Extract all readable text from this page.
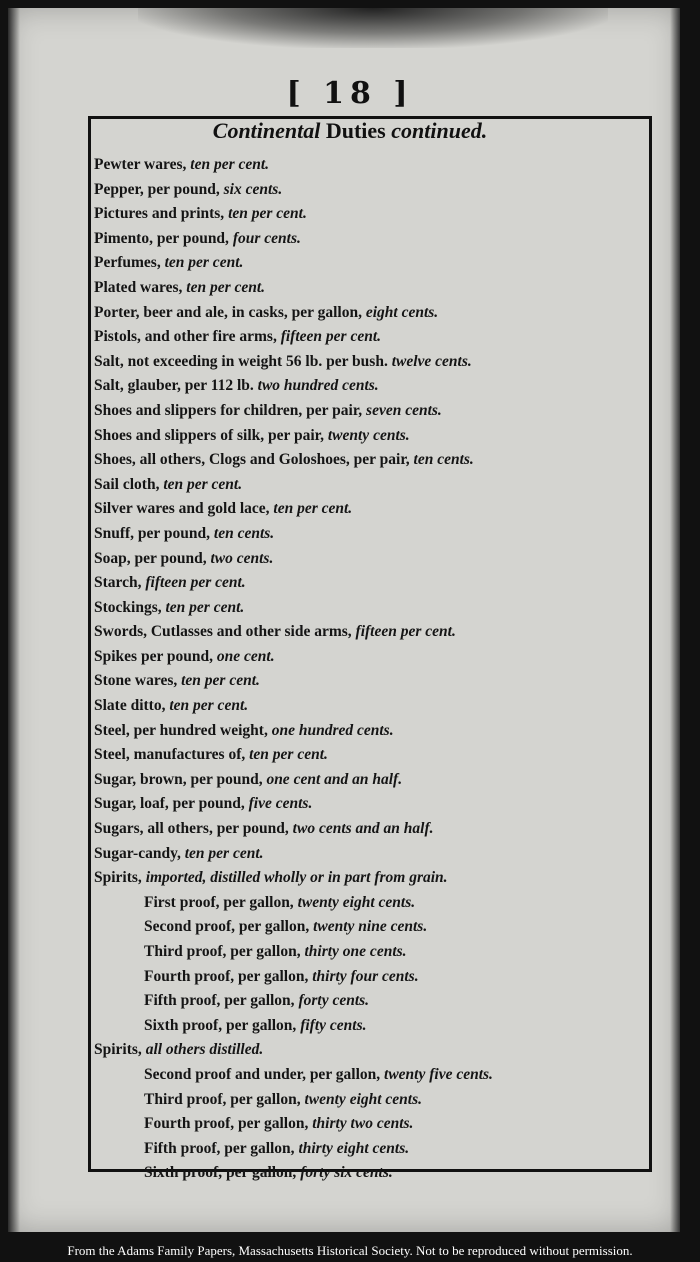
[ 18 ]
Continental Duties continued.
Pewter wares, ten per cent.
Pepper, per pound, six cents.
Pictures and prints, ten per cent.
Pimento, per pound, four cents.
Perfumes, ten per cent.
Plated wares, ten per cent.
Porter, beer and ale, in casks, per gallon, eight cents.
Pistols, and other fire arms, fifteen per cent.
Salt, not exceeding in weight 56 lb. per bush. twelve cents.
Salt, glauber, per 112 lb. two hundred cents.
Shoes and slippers for children, per pair, seven cents.
Shoes and slippers of silk, per pair, twenty cents.
Shoes, all others, Clogs and Goloshoes, per pair, ten cents.
Sail cloth, ten per cent.
Silver wares and gold lace, ten per cent.
Snuff, per pound, ten cents.
Soap, per pound, two cents.
Starch, fifteen per cent.
Stockings, ten per cent.
Swords, Cutlasses and other side arms, fifteen per cent.
Spikes per pound, one cent.
Stone wares, ten per cent.
Slate ditto, ten per cent.
Steel, per hundred weight, one hundred cents.
Steel, manufactures of, ten per cent.
Sugar, brown, per pound, one cent and an half.
Sugar, loaf, per pound, five cents.
Sugars, all others, per pound, two cents and an half.
Sugar-candy, ten per cent.
Spirits, imported, distilled wholly or in part from grain.
First proof, per gallon, twenty eight cents.
Second proof, per gallon, twenty nine cents.
Third proof, per gallon, thirty one cents.
Fourth proof, per gallon, thirty four cents.
Fifth proof, per gallon, forty cents.
Sixth proof, per gallon, fifty cents.
Spirits, all others distilled.
Second proof and under, per gallon, twenty five cents.
Third proof, per gallon, twenty eight cents.
Fourth proof, per gallon, thirty two cents.
Fifth proof, per gallon, thirty eight cents.
Sixth proof, per gallon, forty six cents.
From the Adams Family Papers, Massachusetts Historical Society. Not to be reproduced without permission.
